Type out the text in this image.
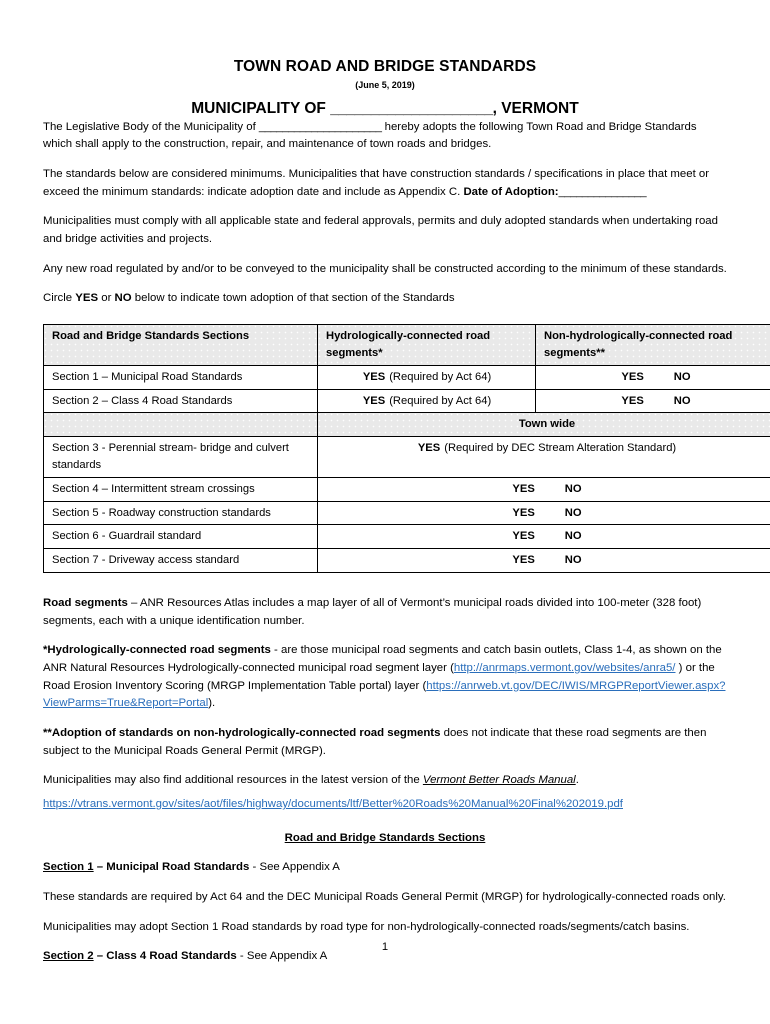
TOWN ROAD AND BRIDGE STANDARDS
(June 5, 2019)
MUNICIPALITY OF ____________________, VERMONT

The Legislative Body of the Municipality of _____________________ hereby adopts the following Town Road and Bridge Standards which shall apply to the construction, repair, and maintenance of town roads and bridges.

The standards below are considered minimums. Municipalities that have construction standards / specifications in place that meet or exceed the minimum standards: indicate adoption date and include as Appendix C. Date of Adoption:_______________

Municipalities must comply with all applicable state and federal approvals, permits and duly adopted standards when undertaking road and bridge activities and projects.

Any new road regulated by and/or to be conveyed to the municipality shall be constructed according to the minimum of these standards.

Circle YES or NO below to indicate town adoption of that section of the Standards

Road and Bridge Standards Sections	Hydrologically-connected road segments*	Non-hydrologically-connected road segments**
Section 1 – Municipal Road Standards	YES (Required by Act 64)	YES NO
Section 2 – Class 4 Road Standards	YES (Required by Act 64)	YES NO
	Town wide	
Section 3 - Perennial stream- bridge and culvert standards	YES (Required by DEC Stream Alteration Standard)	
Section 4 – Intermittent stream crossings	YES NO	
Section 5 - Roadway construction standards	YES NO	
Section 6 - Guardrail standard	YES NO	
Section 7 - Driveway access standard	YES NO	

Road segments – ANR Resources Atlas includes a map layer of all of Vermont’s municipal roads divided into 100-meter (328 foot) segments, each with a unique identification number.

*Hydrologically-connected road segments - are those municipal road segments and catch basin outlets, Class 1-4, as shown on the ANR Natural Resources Hydrologically-connected municipal road segment layer (http://anrmaps.vermont.gov/websites/anra5/ ) or the Road Erosion Inventory Scoring (MRGP Implementation Table portal) layer (https://anrweb.vt.gov/DEC/IWIS/MRGPReportViewer.aspx?ViewParms=True&Report=Portal).

**Adoption of standards on non-hydrologically-connected road segments does not indicate that these road segments are then subject to the Municipal Roads General Permit (MRGP).

Municipalities may also find additional resources in the latest version of the Vermont Better Roads Manual.

https://vtrans.vermont.gov/sites/aot/files/highway/documents/ltf/Better%20Roads%20Manual%20Final%202019.pdf

Road and Bridge Standards Sections

Section 1 – Municipal Road Standards - See Appendix A

These standards are required by Act 64 and the DEC Municipal Roads General Permit (MRGP) for hydrologically-connected roads only.

Municipalities may adopt Section 1 Road standards by road type for non-hydrologically-connected roads/segments/catch basins.

Section 2 – Class 4 Road Standards - See Appendix A

1
